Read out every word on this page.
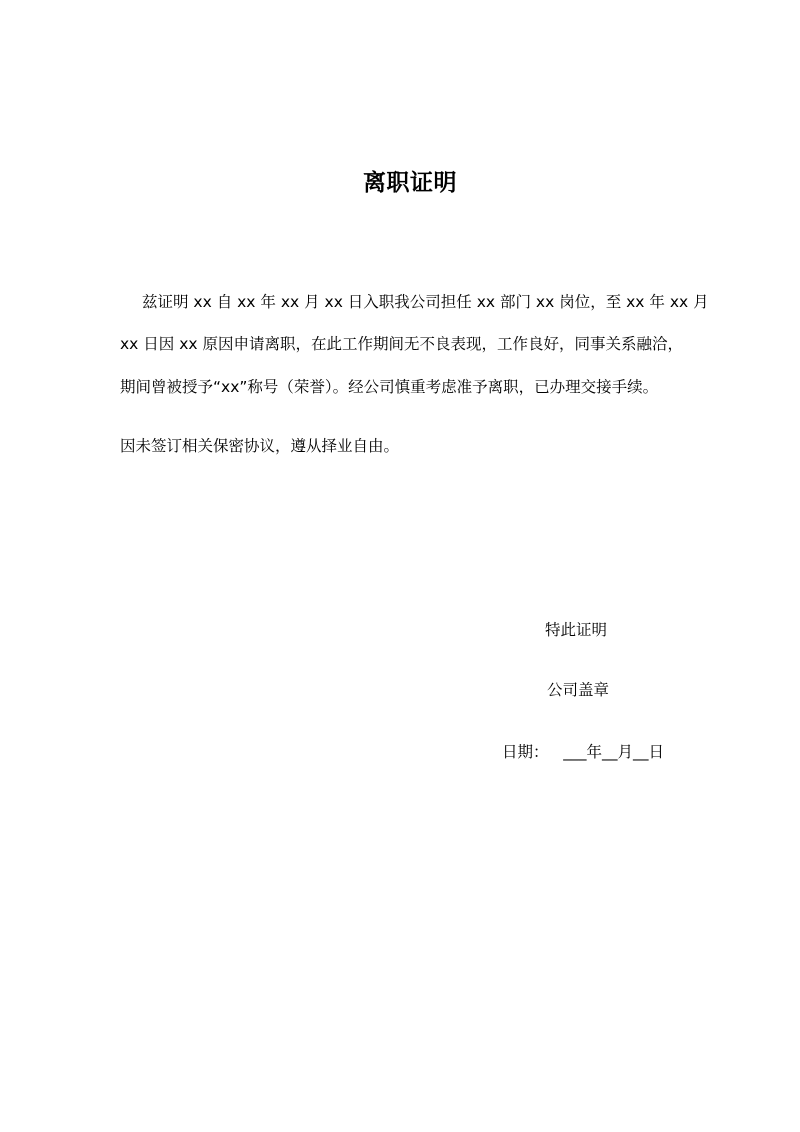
离职证明
兹证明 xx 自 xx 年 xx 月 xx 日入职我公司担任 xx 部门 xx 岗位，至 xx 年 xx 月
xx 日因 xx 原因申请离职，在此工作期间无不良表现，工作良好，同事关系融洽，
期间曾被授予“xx”称号（荣誉）。经公司慎重考虑准予离职，已办理交接手续。
因未签订相关保密协议，遵从择业自由。
特此证明
公司盖章
日期：   ___年__月__日
